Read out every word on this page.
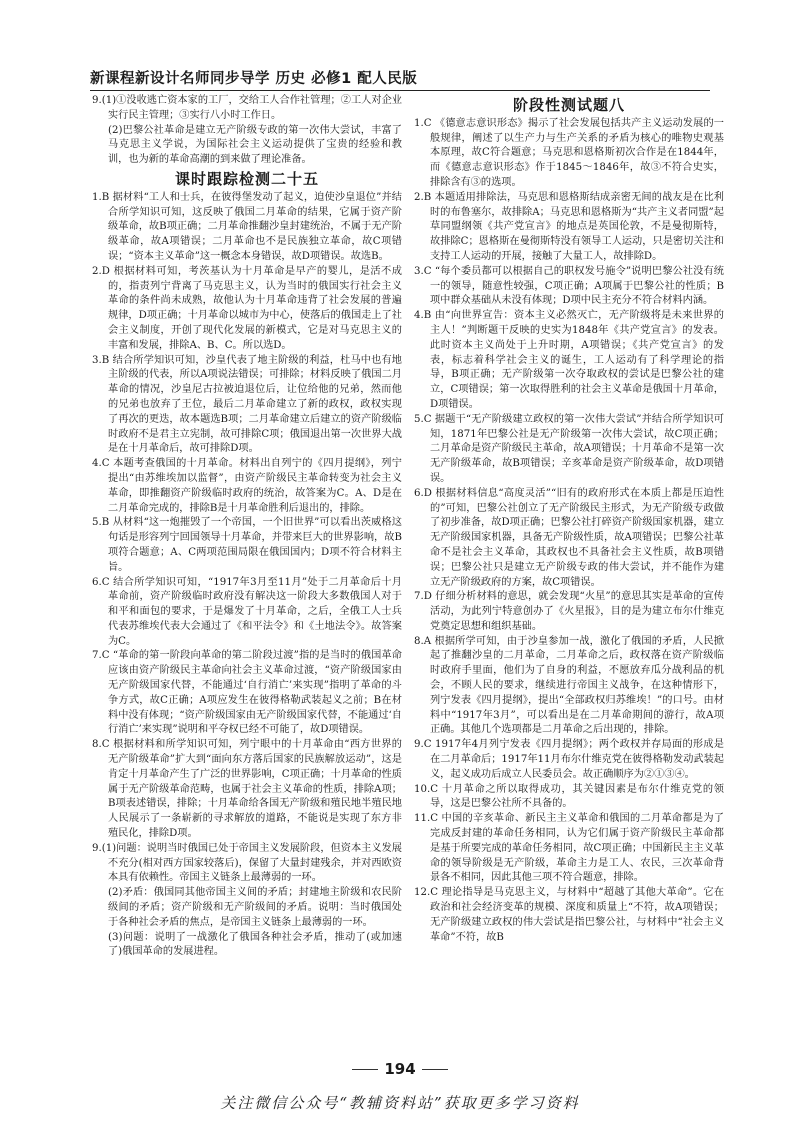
新课程新设计名师同步导学 历史 必修1 配人民版
9.(1)①没收逃亡资本家的工厂，交给工人合作社管理；②工人对企业实行民主管理；③实行八小时工作日。
(2)巴黎公社革命是建立无产阶级专政的第一次伟大尝试，丰富了马克思主义学说，为国际社会主义运动提供了宝贵的经验和教训，也为新的革命高潮的到来做了理论准备。
课时跟踪检测二十五
1.B 据材料“工人和士兵，在彼得堡发动了起义，迫使沙皇退位”并结合所学知识可知，这反映了俄国二月革命的结果，它属于资产阶级革命，故B项正确；二月革命推翻沙皇封建统治，不属于无产阶级革命，故A项错误；二月革命也不是民族独立革命，故C项错误；“资本主义革命”这一概念本身错误，故D项错误。故选B。
2.D 根据材料可知，考茨基认为十月革命是早产的婴儿，是活不成的，指责列宁背离了马克思主义，认为当时的俄国实行社会主义革命的条件尚未成熟，故他认为十月革命违背了社会发展的普遍规律，D项正确；十月革命以城市为中心，使落后的俄国走上了社会主义制度，开创了现代化发展的新模式，它是对马克思主义的丰富和发展，排除A、B、C。所以选D。
3.B 结合所学知识可知，沙皇代表了地主阶级的利益，杜马中也有地主阶级的代表，所以A项说法错误；可排除；材料反映了俄国二月革命的情况，沙皇尼古拉被迫退位后，让位给他的兄弟，然而他的兄弟也放弃了王位，最后二月革命建立了新的政权，政权实现了再次的更迭，故本题选B项；二月革命建立后建立的资产阶级临时政府不是君主立宪制，故可排除C项；俄国退出第一次世界大战是在十月革命后，故可排除D项。
4.C 本题考查俄国的十月革命。材料出自列宁的《四月提纲》，列宁提出“由苏维埃加以监督”，由资产阶级民主革命转变为社会主义革命，即推翻资产阶级临时政府的统治，故答案为C。A、D是在二月革命完成的，排除B是十月革命胜利后退出的，排除。
5.B 从材料“这一炮摧毁了一个帝国，一个旧世界”可以看出茨威格这句话是形容列宁回国领导十月革命，并带来巨大的世界影响，故B项符合题意；A、C两项范围局限在俄国国内；D项不符合材料主旨。
6.C 结合所学知识可知，“1917年3月至11月”处于二月革命后十月革命前，资产阶级临时政府没有解决这一阶段大多数俄国人对于和平和面包的要求，于是爆发了十月革命，之后，全俄工人士兵代表苏维埃代表大会通过了《和平法令》和《土地法令》。故答案为C。
7.C “革命的第一阶段向革命的第二阶段过渡”指的是当时的俄国革命应该由资产阶级民主革命向社会主义革命过渡，“资产阶级国家由无产阶级国家代替，不能通过‘自行消亡’来实现”指明了革命的斗争方式，故C正确；A项应发生在彼得格勒武装起义之前；B在材料中没有体现；“资产阶级国家由无产阶级国家代替，不能通过‘自行消亡’来实现”说明和平夺权已经不可能了，故D项错误。
8.C 根据材料和所学知识可知，列宁眼中的十月革命由“西方世界的无产阶级革命”扩大到“面向东方落后国家的民族解放运动”，这是肯定十月革命产生了广泛的世界影响，C项正确；十月革命的性质属于无产阶级革命范畴，也属于社会主义革命的性质，排除A项；B项表述错误，排除；十月革命给各国无产阶级和殖民地半殖民地人民展示了一条崭新的寻求解放的道路，不能说是实现了东方非殖民化，排除D项。
9.(1)问题：说明当时俄国已处于帝国主义发展阶段，但资本主义发展不充分(相对西方国家较落后)，保留了大量封建残余，并对西欧资本具有依赖性。帝国主义链条上最薄弱的一环。
(2)矛盾：俄国同其他帝国主义间的矛盾；封建地主阶级和农民阶级间的矛盾；资产阶级和无产阶级间的矛盾。说明：当时俄国处于各种社会矛盾的焦点，是帝国主义链条上最薄弱的一环。
(3)问题：说明了一战激化了俄国各种社会矛盾，推动了(或加速了)俄国革命的发展进程。
阶段性测试题八
1.C 《德意志意识形态》揭示了社会发展包括共产主义运动发展的一般规律，阐述了以生产力与生产关系的矛盾为核心的唯物史观基本原理，故C符合题意；马克思和恩格斯初次合作是在1844年，而《德意志意识形态》作于1845～1846年，故③不符合史实，排除含有③的选项。
2.B 本题适用排除法，马克思和恩格斯结成亲密无间的战友是在比利时的布鲁塞尔，故排除A；马克思和恩格斯为“共产主义者同盟”起草同盟纲领《共产党宣言》的地点是英国伦敦，不是曼彻斯特，故排除C；恩格斯在曼彻斯特没有领导工人运动，只是密切关注和支持工人运动的开展，接触了大量工人，故排除D。
3.C “每个委员都可以根据自己的职权发号施令”说明巴黎公社没有统一的领导，随意性较强，C项正确；A项属于巴黎公社的性质；B项中群众基础从未没有体现；D项中民主充分不符合材料内涵。
4.B 由“向世界宣告：资本主义必然灭亡，无产阶级将是未来世界的主人！”判断题干反映的史实为1848年《共产党宣言》的发表。此时资本主义尚处于上升时期，A项错误；《共产党宣言》的发表，标志着科学社会主义的诞生，工人运动有了科学理论的指导，B项正确；无产阶级第一次夺取政权的尝试是巴黎公社的建立，C项错误；第一次取得胜利的社会主义革命是俄国十月革命，D项错误。
5.C 据题干“无产阶级建立政权的第一次伟大尝试”并结合所学知识可知，1871年巴黎公社是无产阶级第一次伟大尝试，故C项正确；二月革命是资产阶级民主革命，故A项错误；十月革命不是第一次无产阶级革命，故B项错误；辛亥革命是资产阶级革命，故D项错误。
6.D 根据材料信息“高度灵活”“旧有的政府形式在本质上都是压迫性的”可知，巴黎公社创立了无产阶级民主形式，为无产阶级专政做了初步准备，故D项正确；巴黎公社打碎资产阶级国家机器，建立无产阶级国家机器，具备无产阶级性质，故A项错误；巴黎公社革命不是社会主义革命，其政权也不具备社会主义性质，故B项错误；巴黎公社只是建立无产阶级专政的伟大尝试，并不能作为建立无产阶级政府的方案，故C项错误。
7.D 仔细分析材料的意思，就会发现“火星”的意思其实是革命的宣传活动，为此列宁特意创办了《火星报》，目的是为建立布尔什维克党奠定思想和组织基础。
8.A 根据所学可知，由于沙皇参加一战，激化了俄国的矛盾，人民掀起了推翻沙皇的二月革命，二月革命之后，政权落在资产阶级临时政府手里面，他们为了自身的利益，不愿放弃瓜分战利品的机会，不顾人民的要求，继续进行帝国主义战争，在这种情形下，列宁发表《四月提纲》，提出“全部政权归苏维埃！”的口号。由材料中“1917年3月”，可以看出是在二月革命期间的游行，故A项正确。其他几个选项都是二月革命之后出现的，排除。
9.C 1917年4月列宁发表《四月提纲》；两个政权并存局面的形成是在二月革命后；1917年11月布尔什维克党在彼得格勒发动武装起义，起义成功后成立人民委员会。故正确顺序为②①③④。
10.C 十月革命之所以取得成功，其关键因素是布尔什维克党的领导，这是巴黎公社所不具备的。
11.C 中国的辛亥革命、新民主主义革命和俄国的二月革命都是为了完成反封建的革命任务相同，认为它们属于资产阶级民主革命都是基于所要完成的革命任务相同，故C项正确；中国新民主主义革命的领导阶级是无产阶级，革命主力是工人、农民，三次革命背景各不相同，因此其他三项不符合题意，排除。
12.C 理论指导是马克思主义，与材料中“超越了其他大革命”。它在政治和社会经济变革的规模、深度和质量上“不符，故A项错误；无产阶级建立政权的伟大尝试是指巴黎公社，与材料中“社会主义革命”不符，故B
194
关注微信公众号“教辅资料站”获取更多学习资料
